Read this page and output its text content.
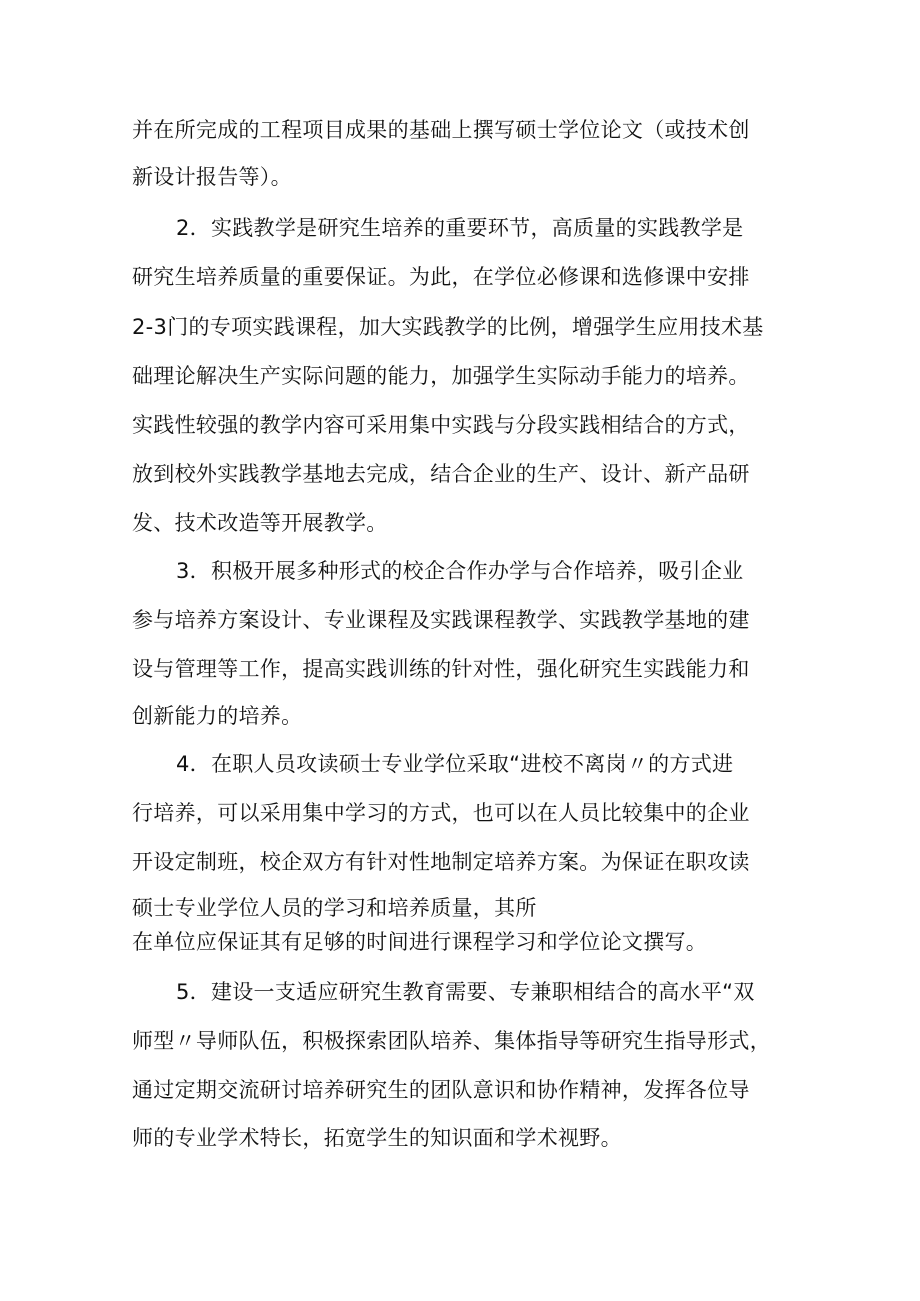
并在所完成的工程项目成果的基础上撰写硕士学位论文（或技术创
新设计报告等）。
2．实践教学是研究生培养的重要环节，高质量的实践教学是
研究生培养质量的重要保证。为此，在学位必修课和选修课中安排
2-3门的专项实践课程，加大实践教学的比例，增强学生应用技术基
础理论解决生产实际问题的能力，加强学生实际动手能力的培养。
实践性较强的教学内容可采用集中实践与分段实践相结合的方式，
放到校外实践教学基地去完成，结合企业的生产、设计、新产品研
发、技术改造等开展教学。
3．积极开展多种形式的校企合作办学与合作培养，吸引企业
参与培养方案设计、专业课程及实践课程教学、实践教学基地的建
设与管理等工作，提高实践训练的针对性，强化研究生实践能力和
创新能力的培养。
4．在职人员攻读硕士专业学位采取“进校不离岗〃的方式进
行培养，可以采用集中学习的方式，也可以在人员比较集中的企业
开设定制班，校企双方有针对性地制定培养方案。为保证在职攻读
硕士专业学位人员的学习和培养质量，其所
在单位应保证其有足够的时间进行课程学习和学位论文撰写。
5．建设一支适应研究生教育需要、专兼职相结合的高水平“双
师型〃导师队伍，积极探索团队培养、集体指导等研究生指导形式，
通过定期交流研讨培养研究生的团队意识和协作精神，发挥各位导
师的专业学术特长，拓宽学生的知识面和学术视野。
